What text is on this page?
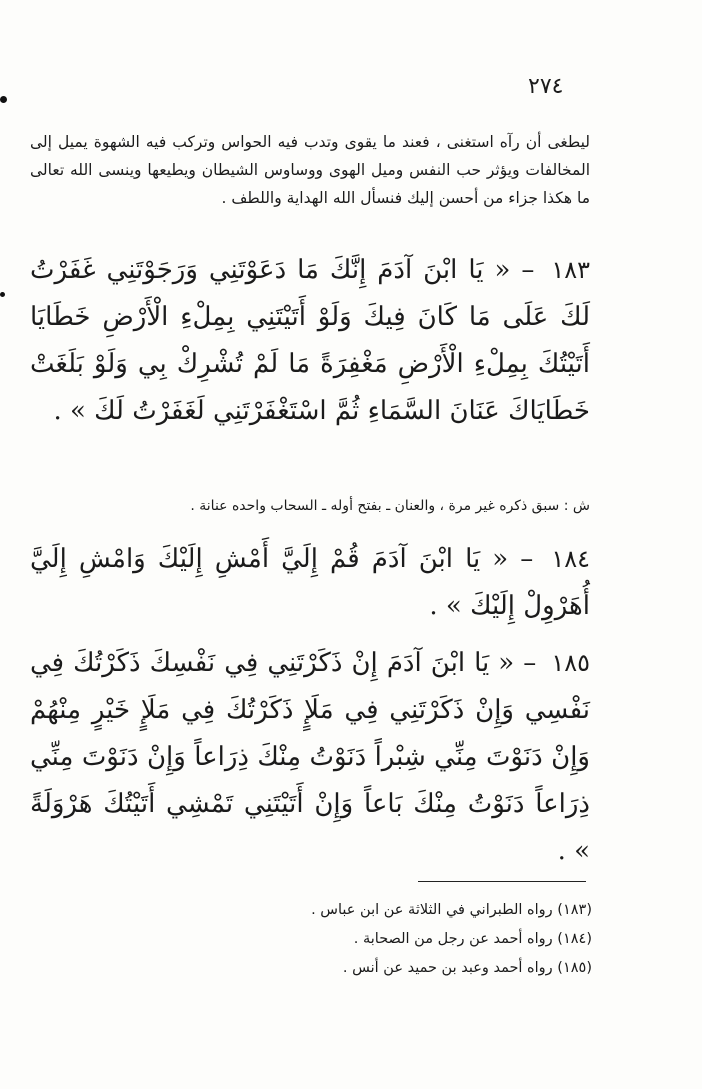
٢٧٤
ليطغى أن رآه استغنى ، فعند ما يقوى وتدب فيه الحواس وتركب فيه الشهوة يميل إلى المخالفات ويؤثر حب النفس وميل الهوى ووساوس الشيطان ويطيعها وينسى الله تعالى ما هكذا جزاء من أحسن إليك فنسأل الله الهداية واللطف .
١٨٣ – « يَا ابْنَ آدَمَ إِنَّكَ مَا دَعَوْتَنِي وَرَجَوْتَنِي غَفَرْتُ لَكَ عَلَى مَا كَانَ فِيكَ وَلَوْ أَتَيْتَنِي بِمِلْءِ الْأَرْضِ خَطَايَا أَتَيْتُكَ بِمِلْءِ الْأَرْضِ مَغْفِرَةً مَا لَمْ تُشْرِكْ بِي وَلَوْ بَلَغَتْ خَطَايَاكَ عَنَانَ السَّمَاءِ ثُمَّ اسْتَغْفَرْتَنِي لَغَفَرْتُ لَكَ » .
ش : سبق ذكره غير مرة ، والعنان ـ بفتح أوله ـ السحاب واحده عنانة .
١٨٤ – « يَا ابْنَ آدَمَ قُمْ إِلَيَّ أَمْشِ إِلَيْكَ وَامْشِ إِلَيَّ أُهَرْوِلْ إِلَيْكَ » .
١٨٥ – « يَا ابْنَ آدَمَ إِنْ ذَكَرْتَنِي فِي نَفْسِكَ ذَكَرْتُكَ فِي نَفْسِي وَإِنْ ذَكَرْتَنِي فِي مَلَإٍ ذَكَرْتُكَ فِي مَلَإٍ خَيْرٍ مِنْهُمْ وَإِنْ دَنَوْتَ مِنِّي شِبْراً دَنَوْتُ مِنْكَ ذِرَاعاً وَإِنْ دَنَوْتَ مِنِّي ذِرَاعاً دَنَوْتُ مِنْكَ بَاعاً وَإِنْ أَتَيْتَنِي تَمْشِي أَتَيْتُكَ هَرْوَلَةً » .
(١٨٣) رواه الطبراني في الثلاثة عن ابن عباس .
(١٨٤) رواه أحمد عن رجل من الصحابة .
(١٨٥) رواه أحمد وعبد بن حميد عن أنس .
